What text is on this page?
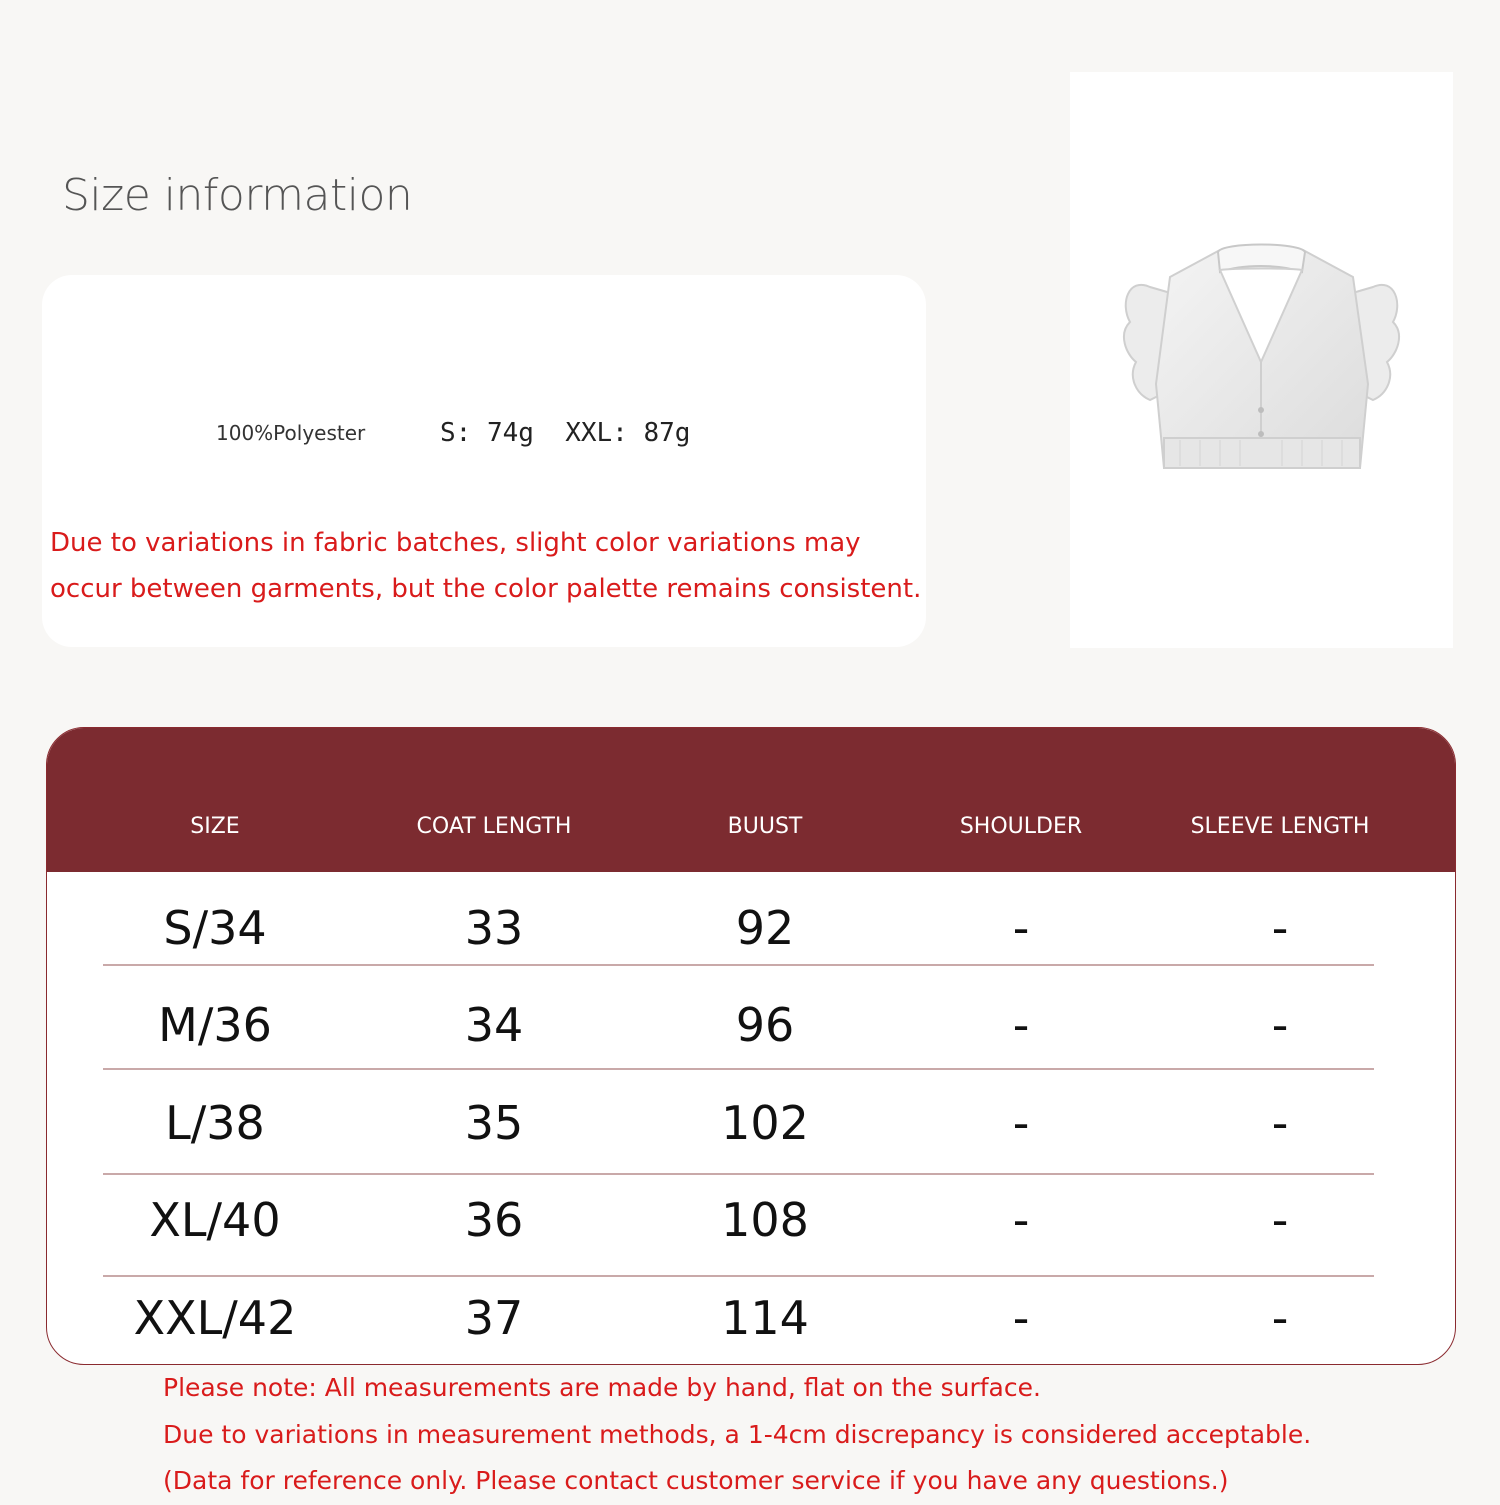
Size information
100%Polyester	S: 74g  XXL: 87g
Due to variations in fabric batches, slight color variations may
occur between garments, but the color palette remains consistent.
SIZE	COAT LENGTH	BUUST	SHOULDER	SLEEVE LENGTH
S/34	33	92	-	-
M/36	34	96	-	-
L/38	35	102	-	-
XL/40	36	108	-	-
XXL/42	37	114	-	-
Please note: All measurements are made by hand, flat on the surface.
Due to variations in measurement methods, a 1-4cm discrepancy is considered acceptable.
(Data for reference only. Please contact customer service if you have any questions.)
